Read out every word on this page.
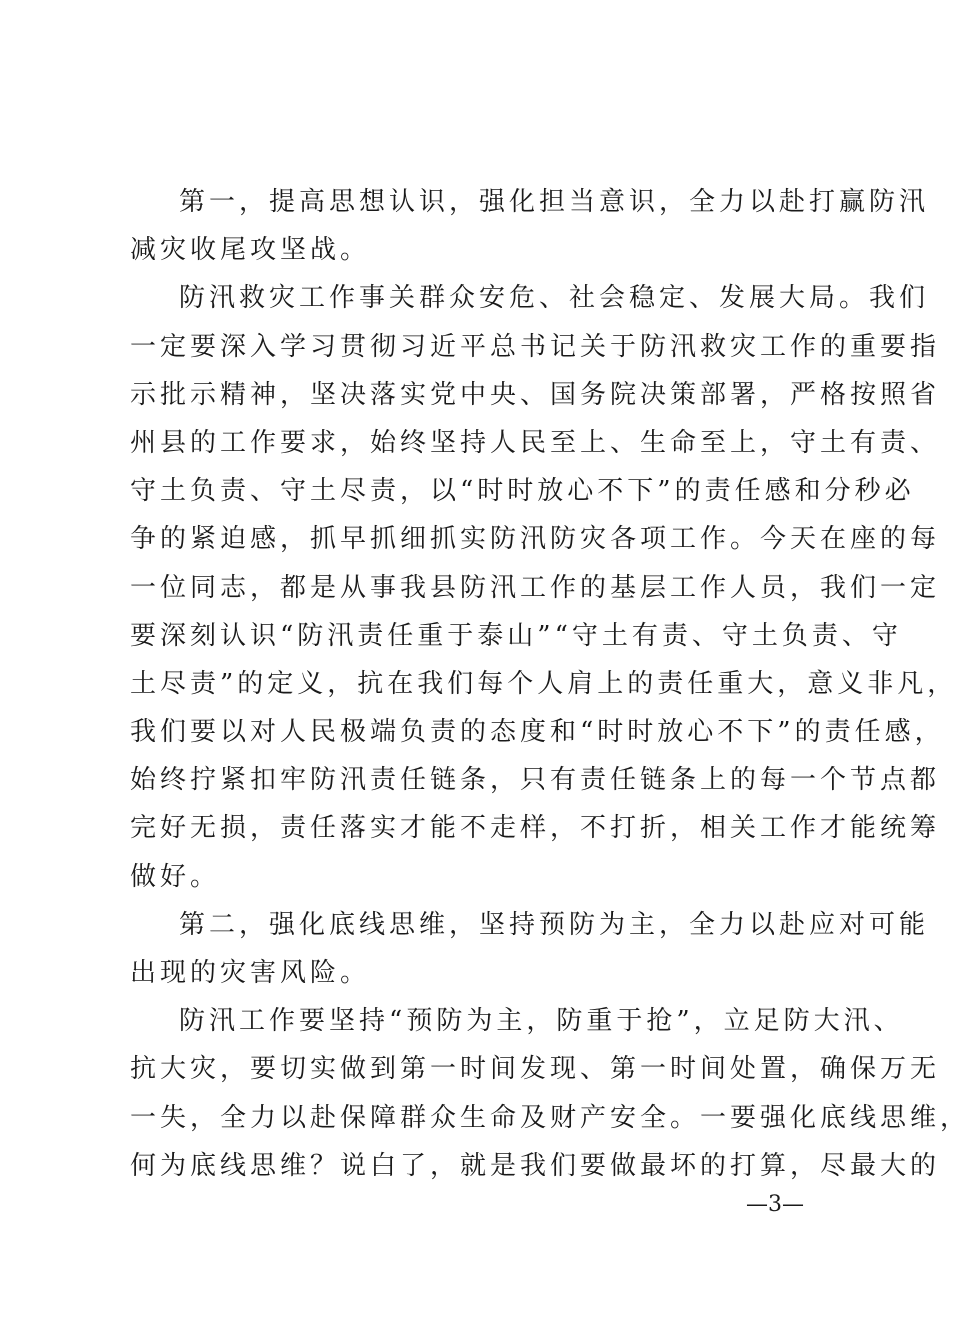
第一，提高思想认识，强化担当意识，全力以赴打赢防汛
减灾收尾攻坚战。
防汛救灾工作事关群众安危、社会稳定、发展大局。我们
一定要深入学习贯彻习近平总书记关于防汛救灾工作的重要指
示批示精神，坚决落实党中央、国务院决策部署，严格按照省
州县的工作要求，始终坚持人民至上、生命至上，守土有责、
守土负责、守土尽责，以“时时放心不下”的责任感和分秒必
争的紧迫感，抓早抓细抓实防汛防灾各项工作。今天在座的每
一位同志，都是从事我县防汛工作的基层工作人员，我们一定
要深刻认识“防汛责任重于泰山”“守土有责、守土负责、守
土尽责”的定义，抗在我们每个人肩上的责任重大，意义非凡，
我们要以对人民极端负责的态度和“时时放心不下”的责任感，
始终拧紧扣牢防汛责任链条，只有责任链条上的每一个节点都
完好无损，责任落实才能不走样，不打折，相关工作才能统筹
做好。
第二，强化底线思维，坚持预防为主，全力以赴应对可能
出现的灾害风险。
防汛工作要坚持“预防为主，防重于抢”，立足防大汛、
抗大灾，要切实做到第一时间发现、第一时间处置，确保万无
一失，全力以赴保障群众生命及财产安全。一要强化底线思维，
何为底线思维？说白了，就是我们要做最坏的打算，尽最大的
—3—
